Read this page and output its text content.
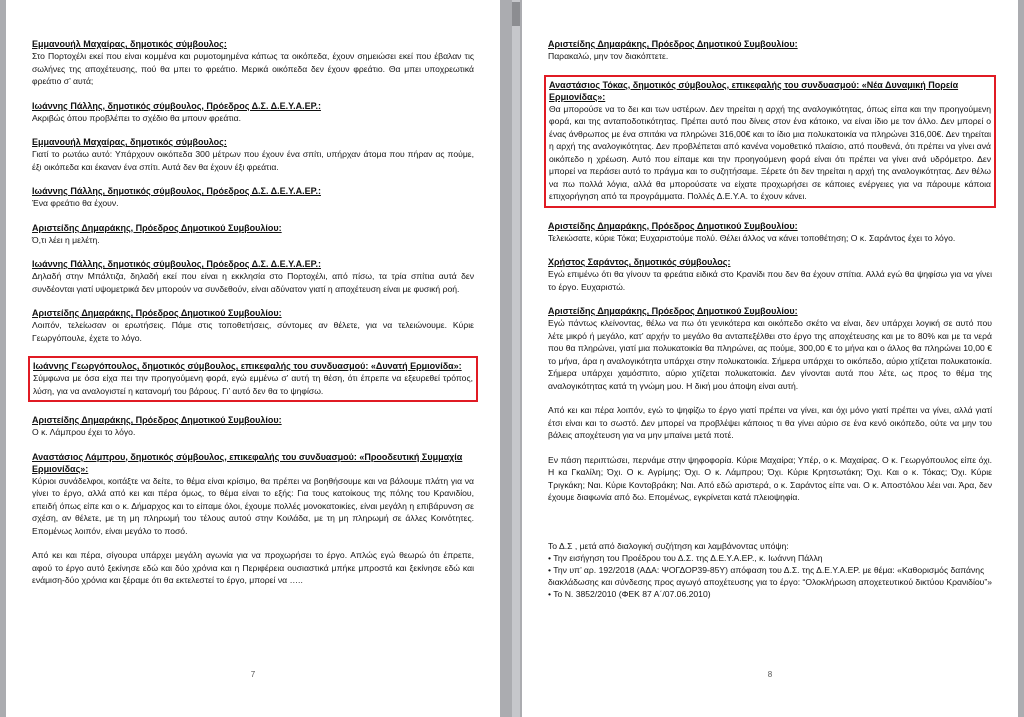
Εμμανουήλ Μαχαίρας, δημοτικός σύμβουλος:
Στο Πορτοχέλι εκεί που είναι κομμένα και ρυμοτομημένα κάπως τα οικόπεδα, έχουν σημειώσει εκεί που έβαλαν τις σωλήνες της αποχέτευσης, πού θα μπει το φρεάτιο. Μερικά οικόπεδα δεν έχουν φρεάτιο. Θα μπει υποχρεωτικά φρεάτιο σ’ αυτά;
Ιωάννης Πάλλης, δημοτικός σύμβουλος, Πρόεδρος Δ.Σ. Δ.Ε.Υ.Α.ΕΡ.:
Ακριβώς όπου προβλέπει το σχέδιο θα μπουν φρεάτια.
Εμμανουήλ Μαχαίρας, δημοτικός σύμβουλος:
Γιατί το ρωτάω αυτό: Υπάρχουν οικόπεδα 300 μέτρων που έχουν ένα σπίτι, υπήρχαν άτομα που πήραν ας πούμε, έξι οικόπεδα και έκαναν ένα σπίτι. Αυτά δεν θα έχουν έξι φρεάτια.
Ιωάννης Πάλλης, δημοτικός σύμβουλος, Πρόεδρος Δ.Σ. Δ.Ε.Υ.Α.ΕΡ.:
Ένα φρεάτιο θα έχουν.
Αριστείδης Δημαράκης, Πρόεδρος Δημοτικού Συμβουλίου:
Ό,τι λέει η μελέτη.
Ιωάννης Πάλλης, δημοτικός σύμβουλος, Πρόεδρος Δ.Σ. Δ.Ε.Υ.Α.ΕΡ.:
Δηλαδή στην Μπάλτιζα, δηλαδή εκεί που είναι η εκκλησία στο Πορτοχέλι, από πίσω, τα τρία σπίτια αυτά δεν συνδέονται γιατί υψομετρικά δεν μπορούν να συνδεθούν, είναι αδύνατον γιατί η αποχέτευση είναι με φυσική ροή.
Αριστείδης Δημαράκης, Πρόεδρος Δημοτικού Συμβουλίου:
Λοιπόν, τελείωσαν οι ερωτήσεις. Πάμε στις τοποθετήσεις, σύντομες αν θέλετε, για να τελειώνουμε. Κύριε Γεωργόπουλε, έχετε το λόγο.
Ιωάννης Γεωργόπουλος, δημοτικός σύμβουλος, επικεφαλής του συνδυασμού: «Δυνατή Ερμιονίδα»:
Σύμφωνα με όσα είχα πει την προηγούμενη φορά, εγώ εμμένω σ’ αυτή τη θέση, ότι έπρεπε να εξευρεθεί τρόπος, λύση, για να αναλογιστεί η κατανομή του βάρους. Γι’ αυτό δεν θα το ψηφίσω.
Αριστείδης Δημαράκης, Πρόεδρος Δημοτικού Συμβουλίου:
Ο κ. Λάμπρου έχει το λόγο.
Αναστάσιος Λάμπρου, δημοτικός σύμβουλος, επικεφαλής του συνδυασμού: «Προοδευτική Συμμαχία Ερμιονίδας»:
Κύριοι συνάδελφοι, κοιτάξτε να δείτε, το θέμα είναι κρίσιμο, θα πρέπει να βοηθήσουμε και να βάλουμε πλάτη για να γίνει το έργο, αλλά από κει και πέρα όμως, το θέμα είναι το εξής: Για τους κατοίκους της πόλης του Κρανιδίου, επειδή όπως είπε και ο κ. Δήμαρχος και το είπαμε όλοι, έχουμε πολλές μονοκατοικίες, είναι μεγάλη η επιβάρυνση σε σχέση, αν θέλετε, με τη μη πληρωμή του τέλους αυτού στην Κοιλάδα, με τη μη πληρωμή σε άλλες Κοινότητες. Επομένως λοιπόν, είναι μεγάλο το ποσό.
Από κει και πέρα, σίγουρα υπάρχει μεγάλη αγωνία για να προχωρήσει το έργο. Απλώς εγώ θεωρώ ότι έπρεπε, αφού το έργο αυτό ξεκίνησε εδώ και δύο χρόνια και η Περιφέρεια ουσιαστικά μπήκε μπροστά και ξεκίνησε εδώ και ενάμιση-δύο χρόνια και ξέραμε ότι θα εκτελεστεί το έργο, μπορεί να …..
7
Αριστείδης Δημαράκης, Πρόεδρος Δημοτικού Συμβουλίου:
Παρακαλώ, μην τον διακόπτετε.
Αναστάσιος Τόκας, δημοτικός σύμβουλος, επικεφαλής του συνδυασμού: «Νέα Δυναμική Πορεία Ερμιονίδας»:
Θα μπορούσε να το δει και των υστέρων. Δεν τηρείται η αρχή της αναλογικότητας, όπως είπα και την προηγούμενη φορά, και της ανταποδοτικότητας. Πρέπει αυτό που δίνεις στον ένα κάτοικο, να είναι ίδιο με τον άλλο. Δεν μπορεί ο ένας άνθρωπος με ένα σπιτάκι να πληρώνει 316,00€ και το ίδιο μια πολυκατοικία να πληρώνει 316,00€. Δεν τηρείται η αρχή της αναλογικότητας. Δεν προβλέπεται από κανένα νομοθετικό πλαίσιο, από πουθενά, ότι πρέπει να γίνει ανά οικόπεδο η χρέωση. Αυτό που είπαμε και την προηγούμενη φορά είναι ότι πρέπει να γίνει ανά υδρόμετρο. Δεν μπορεί να περάσει αυτό το πράγμα και το συζητήσαμε. Ξέρετε ότι δεν τηρείται η αρχή της αναλογικότητας. Δεν θέλω να πω πολλά λόγια, αλλά θα μπορούσατε να είχατε προχωρήσει σε κάποιες ενέργειες για να πάρουμε κάποια επιχορήγηση από τα προγράμματα. Πολλές Δ.Ε.Υ.Α. το έχουν κάνει.
Αριστείδης Δημαράκης, Πρόεδρος Δημοτικού Συμβουλίου:
Τελειώσατε, κύριε Τόκα; Ευχαριστούμε πολύ. Θέλει άλλος να κάνει τοποθέτηση; Ο κ. Σαράντος έχει το λόγο.
Χρήστος Σαράντος, δημοτικός σύμβουλος:
Εγώ επιμένω ότι θα γίνουν τα φρεάτια ειδικά στο Κρανίδι που δεν θα έχουν σπίτια. Αλλά εγώ θα ψηφίσω για να γίνει το έργο. Ευχαριστώ.
Αριστείδης Δημαράκης, Πρόεδρος Δημοτικού Συμβουλίου:
Εγώ πάντως κλείνοντας, θέλω να πω ότι γενικότερα και οικόπεδο σκέτο να είναι, δεν υπάρχει λογική σε αυτό που λέτε μικρό ή μεγάλο, κατ’ αρχήν το μεγάλο θα ανταπεξέλθει στο έργο της αποχέτευσης και με το 80% και με τα νερά που θα πληρώνει, γιατί μια πολυκατοικία θα πληρώνει, ας πούμε, 300,00 € το μήνα και ο άλλος θα πληρώνει 10,00 € το μήνα, άρα η αναλογικότητα υπάρχει στην πολυκατοικία. Σήμερα υπάρχει το οικόπεδο, αύριο χτίζεται πολυκατοικία. Σήμερα υπάρχει χαμόσπιτο, αύριο χτίζεται πολυκατοικία. Δεν γίνονται αυτά που λέτε, ως προς το θέμα της αναλογικότητας κατά τη γνώμη μου. Η δική μου άποψη είναι αυτή.
Από κει και πέρα λοιπόν, εγώ το ψηφίζω το έργο γιατί πρέπει να γίνει, και όχι μόνο γιατί πρέπει να γίνει, αλλά γιατί έτσι είναι και το σωστό. Δεν μπορεί να προβλέψει κάποιος τι θα γίνει αύριο σε ένα κενό οικόπεδο, ούτε να μην του βάλεις αποχέτευση για να μην μπαίνει μετά ποτέ.
Εν πάση περιπτώσει, περνάμε στην ψηφοφορία. Κύριε Μαχαίρα; Υπέρ, ο κ. Μαχαίρας. Ο κ. Γεωργόπουλος είπε όχι. Η κα Γκαλίλη; Όχι. Ο κ. Αγρίμης; Όχι. Ο κ. Λάμπρου; Όχι. Κύριε Κρητσωτάκη; Όχι. Και ο κ. Τόκας; Όχι. Κύριε Τριγκάκη; Ναι. Κύριε Κοντοβράκη; Ναι. Από εδώ αριστερά, ο κ. Σαράντος είπε ναι. Ο κ. Αποστόλου λέει ναι. Άρα, δεν έχουμε διαφωνία από δω. Επομένως, εγκρίνεται κατά πλειοψηφία.
Το Δ.Σ , μετά από διαλογική συζήτηση και λαμβάνοντας υπόψη:
• Την εισήγηση του Προέδρου του Δ.Σ. της Δ.Ε.Υ.Α.ΕΡ., κ. Ιωάννη Πάλλη
• Την υπ’ αρ. 192/2018 (ΑΔΑ: ΨΟΓΔΟΡ39-85Υ) απόφαση του Δ.Σ. της Δ.Ε.Υ.Α.ΕΡ. με θέμα: «Καθορισμός δαπάνης διακλάδωσης και σύνδεσης προς αγωγό αποχέτευσης για το έργο: “Ολοκλήρωση αποχετευτικού δικτύου Κρανιδίου”»
• Το Ν. 3852/2010 (ΦΕΚ 87 Α΄/07.06.2010)
8
